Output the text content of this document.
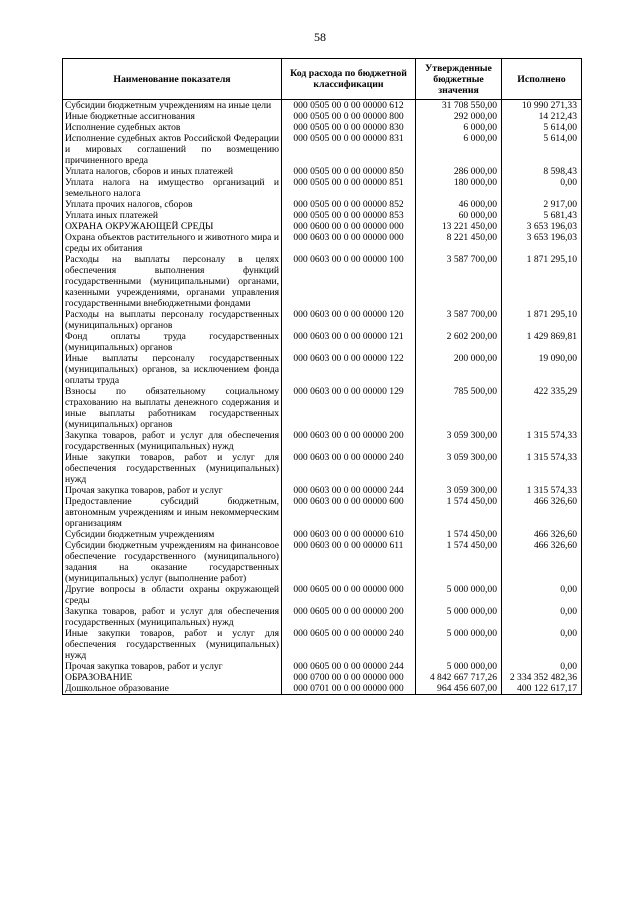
58
Наименование показателя	Код расхода по бюджетной классификации	Утвержденные бюджетные значения	Исполнено
Субсидии бюджетным учреждениям на иные цели	000 0505 00 0 00 00000 612	31 708 550,00	10 990 271,33
Иные бюджетные ассигнования	000 0505 00 0 00 00000 800	292 000,00	14 212,43
Исполнение судебных актов	000 0505 00 0 00 00000 830	6 000,00	5 614,00
Исполнение судебных актов Российской Федерации и мировых соглашений по возмещению причиненного вреда	000 0505 00 0 00 00000 831	6 000,00	5 614,00
Уплата налогов, сборов и иных платежей	000 0505 00 0 00 00000 850	286 000,00	8 598,43
Уплата налога на имущество организаций и земельного налога	000 0505 00 0 00 00000 851	180 000,00	0,00
Уплата прочих налогов, сборов	000 0505 00 0 00 00000 852	46 000,00	2 917,00
Уплата иных платежей	000 0505 00 0 00 00000 853	60 000,00	5 681,43
ОХРАНА ОКРУЖАЮЩЕЙ СРЕДЫ	000 0600 00 0 00 00000 000	13 221 450,00	3 653 196,03
Охрана объектов растительного и животного мира и среды их обитания	000 0603 00 0 00 00000 000	8 221 450,00	3 653 196,03
Расходы на выплаты персоналу в целях обеспечения выполнения функций государственными (муниципальными) органами, казенными учреждениями, органами управления государственными внебюджетными фондами	000 0603 00 0 00 00000 100	3 587 700,00	1 871 295,10
Расходы на выплаты персоналу государственных (муниципальных) органов	000 0603 00 0 00 00000 120	3 587 700,00	1 871 295,10
Фонд оплаты труда государственных (муниципальных) органов	000 0603 00 0 00 00000 121	2 602 200,00	1 429 869,81
Иные выплаты персоналу государственных (муниципальных) органов, за исключением фонда оплаты труда	000 0603 00 0 00 00000 122	200 000,00	19 090,00
Взносы по обязательному социальному страхованию на выплаты денежного содержания и иные выплаты работникам государственных (муниципальных) органов	000 0603 00 0 00 00000 129	785 500,00	422 335,29
Закупка товаров, работ и услуг для обеспечения государственных (муниципальных) нужд	000 0603 00 0 00 00000 200	3 059 300,00	1 315 574,33
Иные закупки товаров, работ и услуг для обеспечения государственных (муниципальных) нужд	000 0603 00 0 00 00000 240	3 059 300,00	1 315 574,33
Прочая закупка товаров, работ и услуг	000 0603 00 0 00 00000 244	3 059 300,00	1 315 574,33
Предоставление субсидий бюджетным, автономным учреждениям и иным некоммерческим организациям	000 0603 00 0 00 00000 600	1 574 450,00	466 326,60
Субсидии бюджетным учреждениям	000 0603 00 0 00 00000 610	1 574 450,00	466 326,60
Субсидии бюджетным учреждениям на финансовое обеспечение государственного (муниципального) задания на оказание государственных (муниципальных) услуг (выполнение работ)	000 0603 00 0 00 00000 611	1 574 450,00	466 326,60
Другие вопросы в области охраны окружающей среды	000 0605 00 0 00 00000 000	5 000 000,00	0,00
Закупка товаров, работ и услуг для обеспечения государственных (муниципальных) нужд	000 0605 00 0 00 00000 200	5 000 000,00	0,00
Иные закупки товаров, работ и услуг для обеспечения государственных (муниципальных) нужд	000 0605 00 0 00 00000 240	5 000 000,00	0,00
Прочая закупка товаров, работ и услуг	000 0605 00 0 00 00000 244	5 000 000,00	0,00
ОБРАЗОВАНИЕ	000 0700 00 0 00 00000 000	4 842 667 717,26	2 334 352 482,36
Дошкольное образование	000 0701 00 0 00 00000 000	964 456 607,00	400 122 617,17
